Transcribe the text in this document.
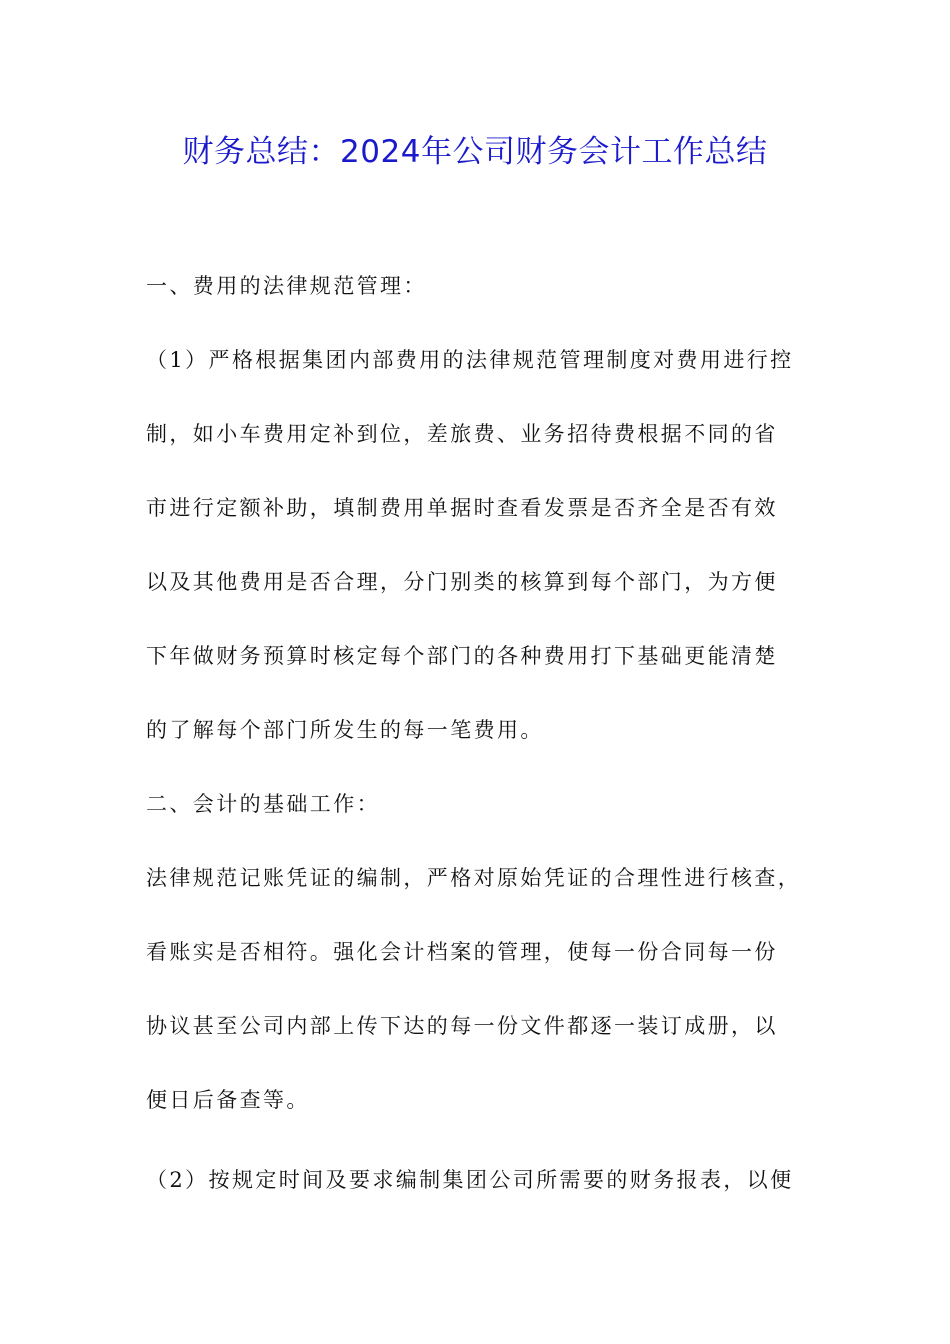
财务总结：2024年公司财务会计工作总结
一、费用的法律规范管理：
（1）严格根据集团内部费用的法律规范管理制度对费用进行控
制，如小车费用定补到位，差旅费、业务招待费根据不同的省
市进行定额补助，填制费用单据时查看发票是否齐全是否有效
以及其他费用是否合理，分门别类的核算到每个部门，为方便
下年做财务预算时核定每个部门的各种费用打下基础更能清楚
的了解每个部门所发生的每一笔费用。
二、会计的基础工作：
法律规范记账凭证的编制，严格对原始凭证的合理性进行核查，
看账实是否相符。强化会计档案的管理，使每一份合同每一份
协议甚至公司内部上传下达的每一份文件都逐一装订成册，以
便日后备查等。
（2）按规定时间及要求编制集团公司所需要的财务报表，以便
